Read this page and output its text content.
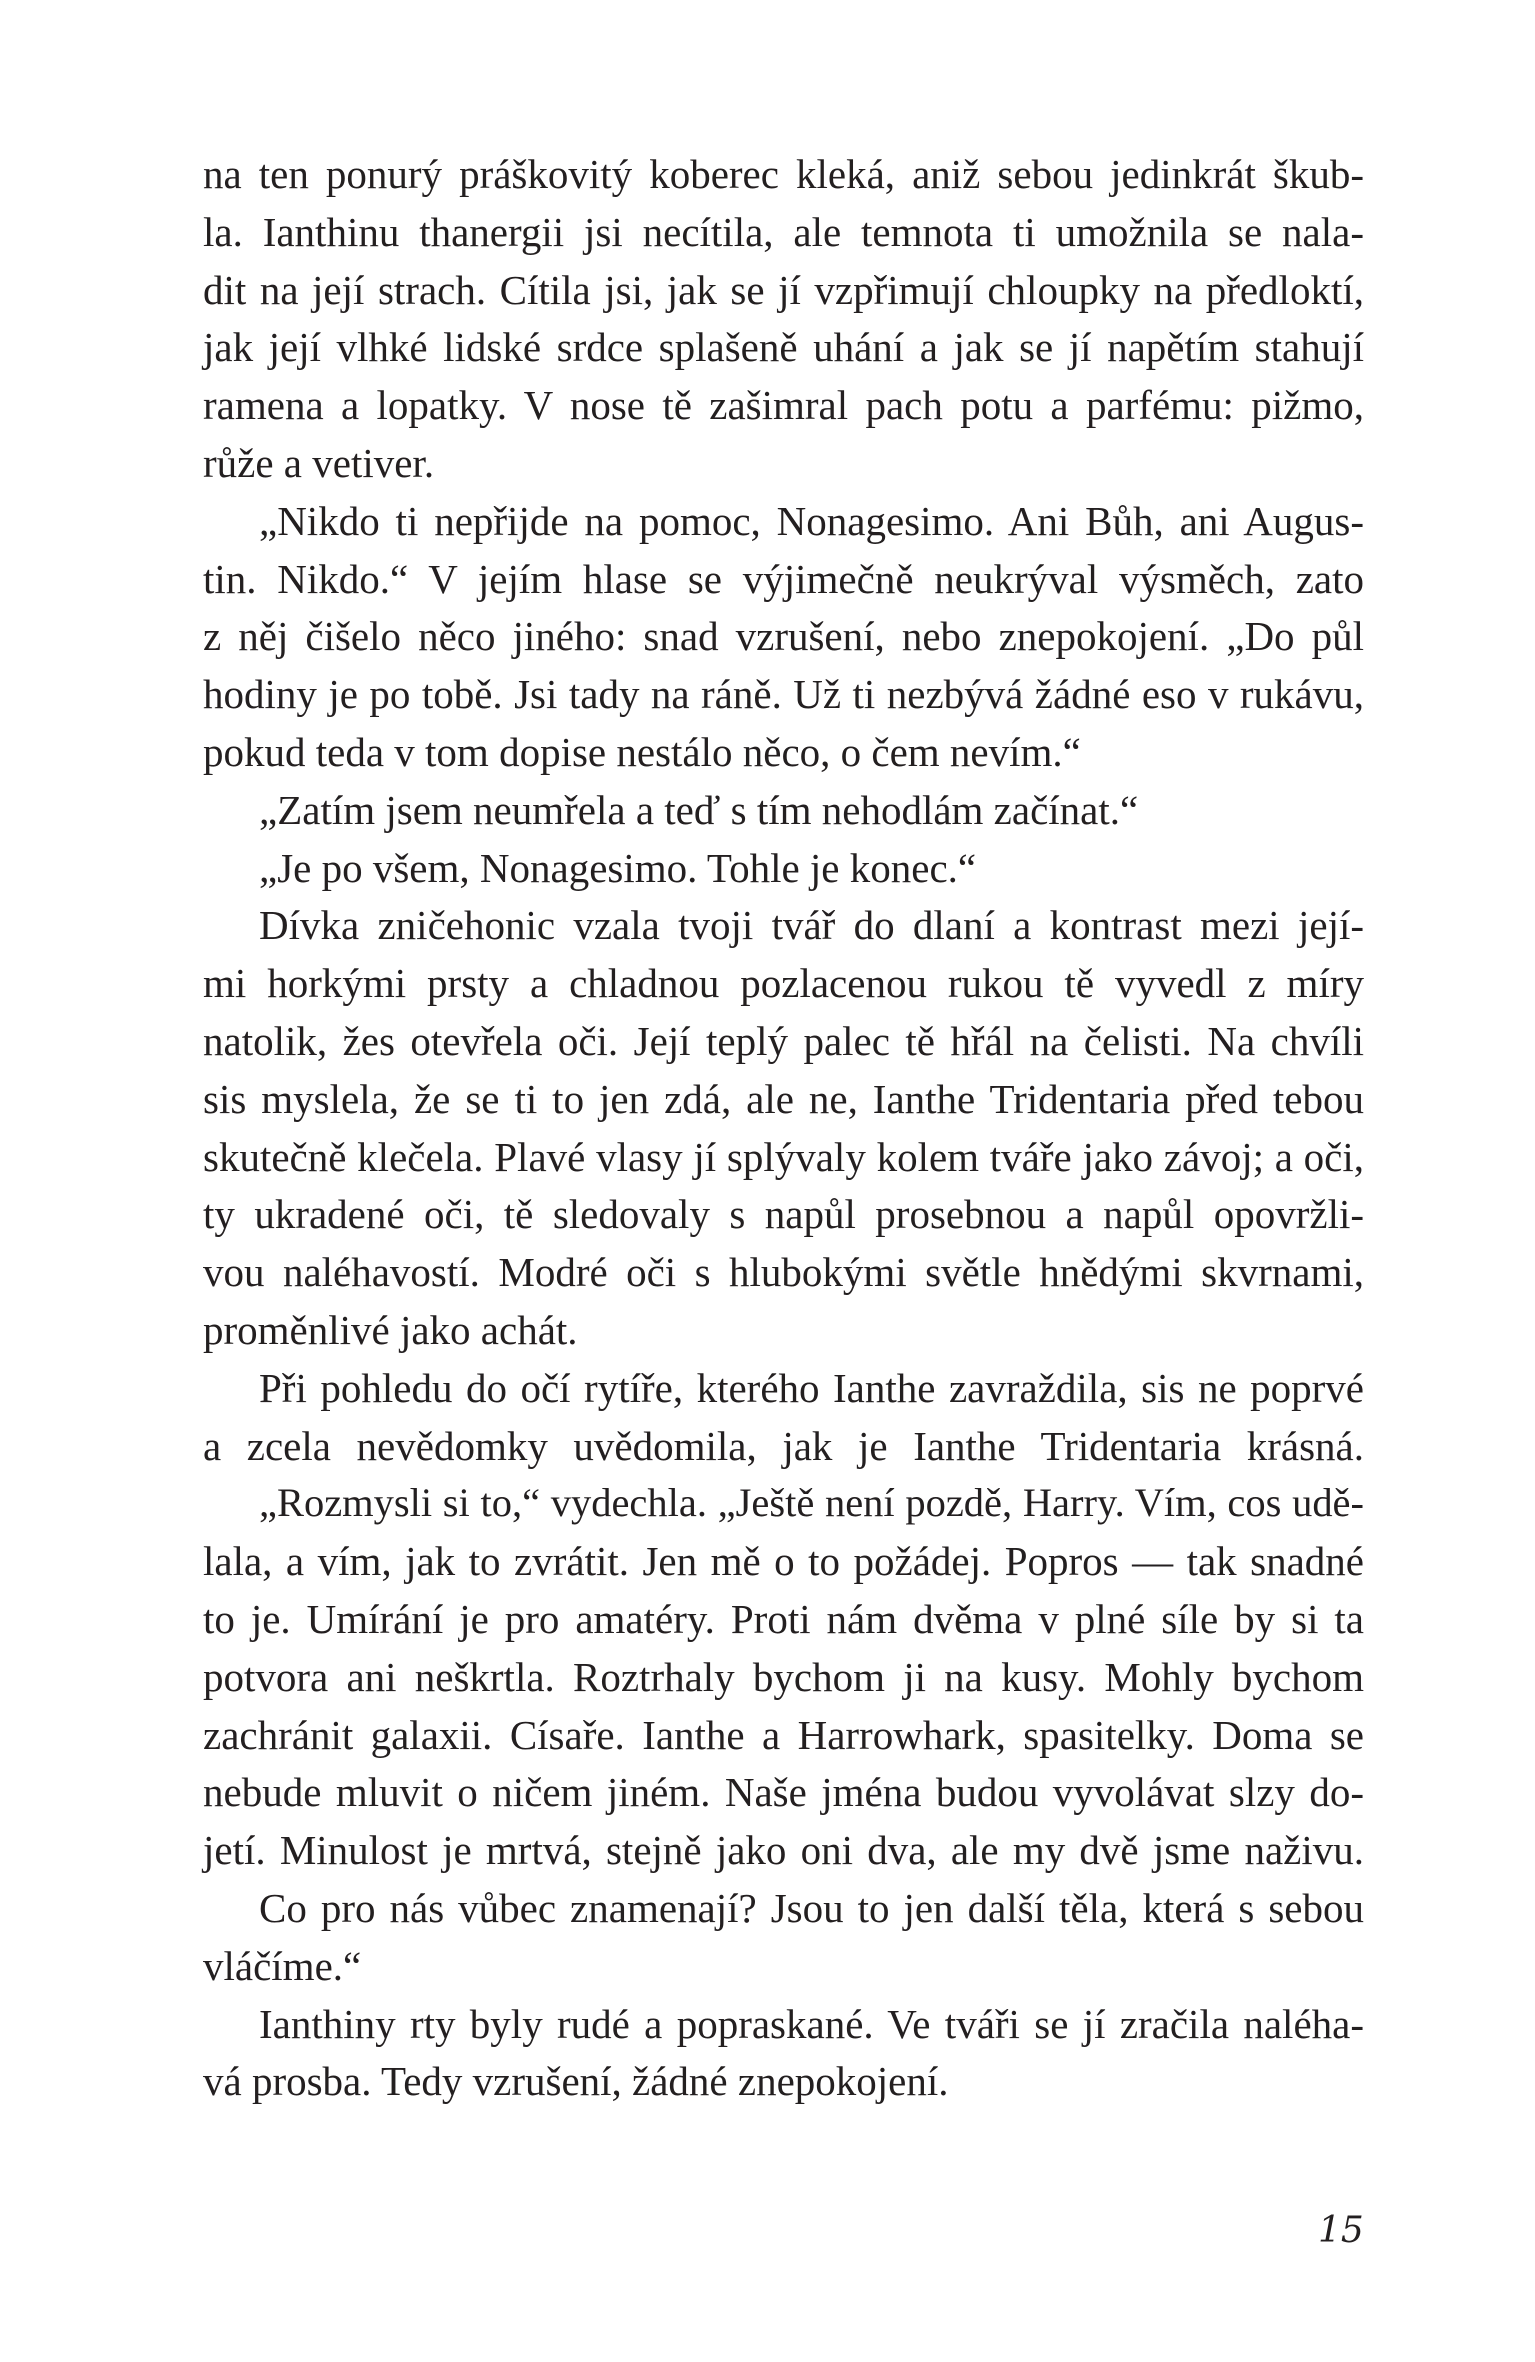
na ten ponurý práškovitý koberec kleká, aniž sebou jedinkrát škub-
la. Ianthinu thanergii jsi necítila, ale temnota ti umožnila se nala-
dit na její strach. Cítila jsi, jak se jí vzpřimují chloupky na předloktí,
jak její vlhké lidské srdce splašeně uhání a jak se jí napětím stahují
ramena a lopatky. V nose tě zašimral pach potu a parfému: pižmo,
růže a vetiver.
„Nikdo ti nepřijde na pomoc, Nonagesimo. Ani Bůh, ani Augus-
tin. Nikdo.“ V jejím hlase se výjimečně neukrýval výsměch, zato
z něj čišelo něco jiného: snad vzrušení, nebo znepokojení. „Do půl
hodiny je po tobě. Jsi tady na ráně. Už ti nezbývá žádné eso v rukávu,
pokud teda v tom dopise nestálo něco, o čem nevím.“
„Zatím jsem neumřela a teď s tím nehodlám začínat.“
„Je po všem, Nonagesimo. Tohle je konec.“
Dívka zničehonic vzala tvoji tvář do dlaní a kontrast mezi její-
mi horkými prsty a chladnou pozlacenou rukou tě vyvedl z míry
natolik, žes otevřela oči. Její teplý palec tě hřál na čelisti. Na chvíli
sis myslela, že se ti to jen zdá, ale ne, Ianthe Tridentaria před tebou
skutečně klečela. Plavé vlasy jí splývaly kolem tváře jako závoj; a oči,
ty ukradené oči, tě sledovaly s napůl prosebnou a napůl opovržli-
vou naléhavostí. Modré oči s hlubokými světle hnědými skvrnami,
proměnlivé jako achát.
Při pohledu do očí rytíře, kterého Ianthe zavraždila, sis ne poprvé
a zcela nevědomky uvědomila, jak je Ianthe Tridentaria krásná.
„Rozmysli si to,“ vydechla. „Ještě není pozdě, Harry. Vím, cos udě-
lala, a vím, jak to zvrátit. Jen mě o to požádej. Popros — tak snadné
to je. Umírání je pro amatéry. Proti nám dvěma v plné síle by si ta
potvora ani neškrtla. Roztrhaly bychom ji na kusy. Mohly bychom
zachránit galaxii. Císaře. Ianthe a Harrowhark, spasitelky. Doma se
nebude mluvit o ničem jiném. Naše jména budou vyvolávat slzy do-
jetí. Minulost je mrtvá, stejně jako oni dva, ale my dvě jsme naživu.
Co pro nás vůbec znamenají? Jsou to jen další těla, která s sebou
vláčíme.“
Ianthiny rty byly rudé a popraskané. Ve tváři se jí zračila naléha-
vá prosba. Tedy vzrušení, žádné znepokojení.
15
